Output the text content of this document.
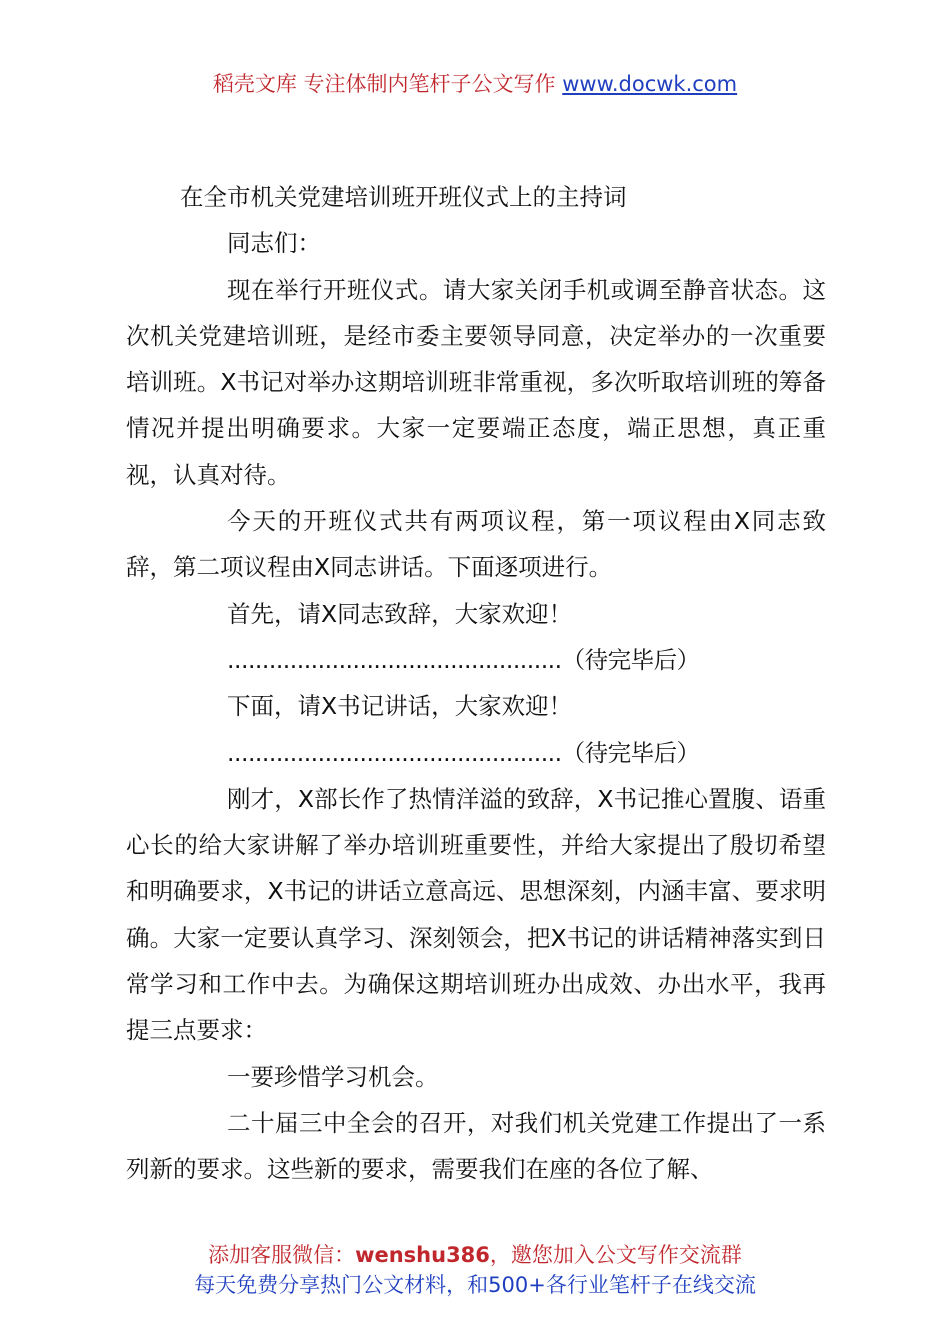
稻壳文库 专注体制内笔杆子公文写作 www.docwk.com

在全市机关党建培训班开班仪式上的主持词

同志们：

现在举行开班仪式。请大家关闭手机或调至静音状态。这次机关党建培训班，是经市委主要领导同意，决定举办的一次重要培训班。X书记对举办这期培训班非常重视，多次听取培训班的筹备情况并提出明确要求。大家一定要端正态度，端正思想，真正重视，认真对待。

今天的开班仪式共有两项议程，第一项议程由X同志致辞，第二项议程由X同志讲话。下面逐项进行。

首先，请X同志致辞，大家欢迎！

................................................（待完毕后）

下面，请X书记讲话，大家欢迎！

................................................（待完毕后）

刚才，X部长作了热情洋溢的致辞，X书记推心置腹、语重心长的给大家讲解了举办培训班重要性，并给大家提出了殷切希望和明确要求，X书记的讲话立意高远、思想深刻，内涵丰富、要求明确。大家一定要认真学习、深刻领会，把X书记的讲话精神落实到日常学习和工作中去。为确保这期培训班办出成效、办出水平，我再提三点要求：

一要珍惜学习机会。

二十届三中全会的召开，对我们机关党建工作提出了一系列新的要求。这些新的要求，需要我们在座的各位了解、

添加客服微信：wenshu386，邀您加入公文写作交流群
每天免费分享热门公文材料，和500+各行业笔杆子在线交流
